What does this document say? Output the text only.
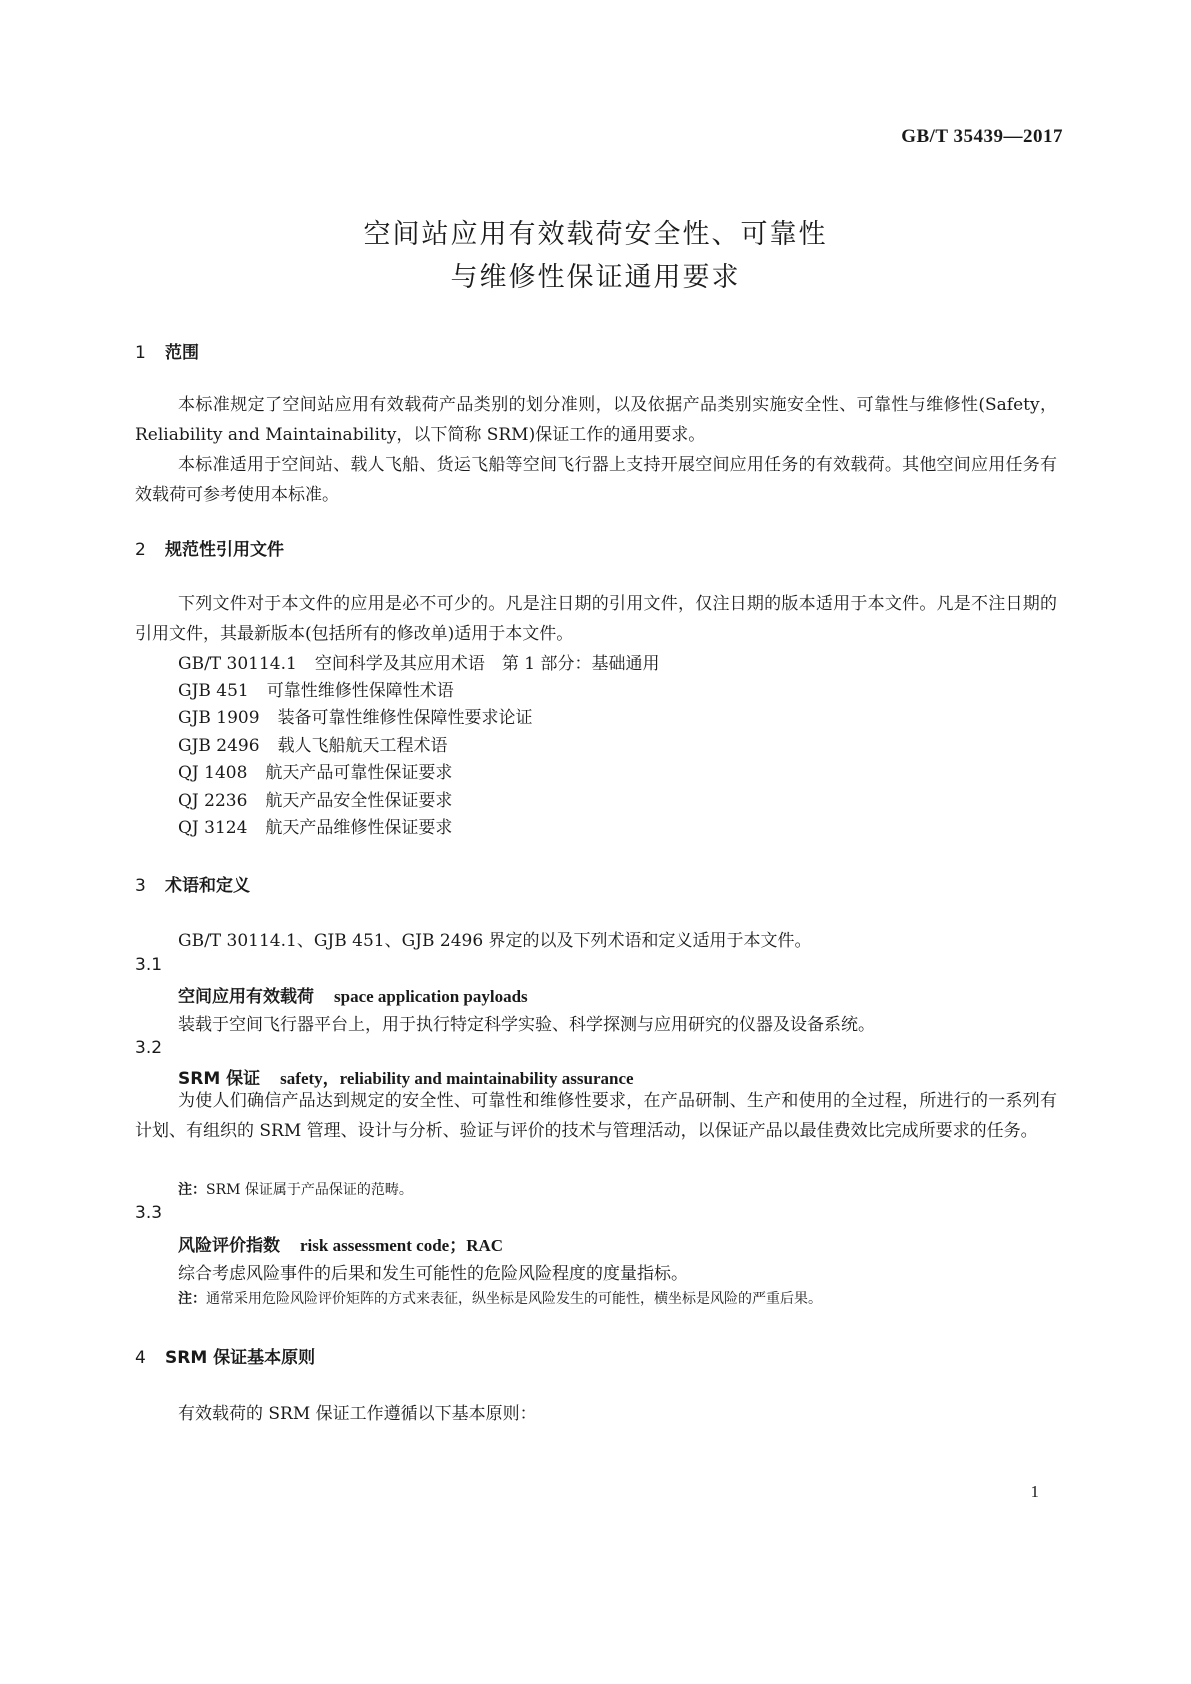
GB/T 35439—2017
空间站应用有效载荷安全性、可靠性
与维修性保证通用要求
1 范围
本标准规定了空间站应用有效载荷产品类别的划分准则，以及依据产品类别实施安全性、可靠性与维修性(Safety，Reliability and Maintainability，以下简称 SRM)保证工作的通用要求。
本标准适用于空间站、载人飞船、货运飞船等空间飞行器上支持开展空间应用任务的有效载荷。其他空间应用任务有效载荷可参考使用本标准。
2 规范性引用文件
下列文件对于本文件的应用是必不可少的。凡是注日期的引用文件，仅注日期的版本适用于本文件。凡是不注日期的引用文件，其最新版本(包括所有的修改单)适用于本文件。
GB/T 30114.1 空间科学及其应用术语　第 1 部分：基础通用
GJB 451 可靠性维修性保障性术语
GJB 1909 装备可靠性维修性保障性要求论证
GJB 2496 载人飞船航天工程术语
QJ 1408 航天产品可靠性保证要求
QJ 2236 航天产品安全性保证要求
QJ 3124 航天产品维修性保证要求
3 术语和定义
GB/T 30114.1、GJB 451、GJB 2496 界定的以及下列术语和定义适用于本文件。
3.1
空间应用有效载荷 space application payloads
装载于空间飞行器平台上，用于执行特定科学实验、科学探测与应用研究的仪器及设备系统。
3.2
SRM 保证 safety，reliability and maintainability assurance
为使人们确信产品达到规定的安全性、可靠性和维修性要求，在产品研制、生产和使用的全过程，所进行的一系列有计划、有组织的 SRM 管理、设计与分析、验证与评价的技术与管理活动，以保证产品以最佳费效比完成所要求的任务。
注：SRM 保证属于产品保证的范畴。
3.3
风险评价指数 risk assessment code；RAC
综合考虑风险事件的后果和发生可能性的危险风险程度的度量指标。
注：通常采用危险风险评价矩阵的方式来表征，纵坐标是风险发生的可能性，横坐标是风险的严重后果。
4 SRM 保证基本原则
有效载荷的 SRM 保证工作遵循以下基本原则：
1
